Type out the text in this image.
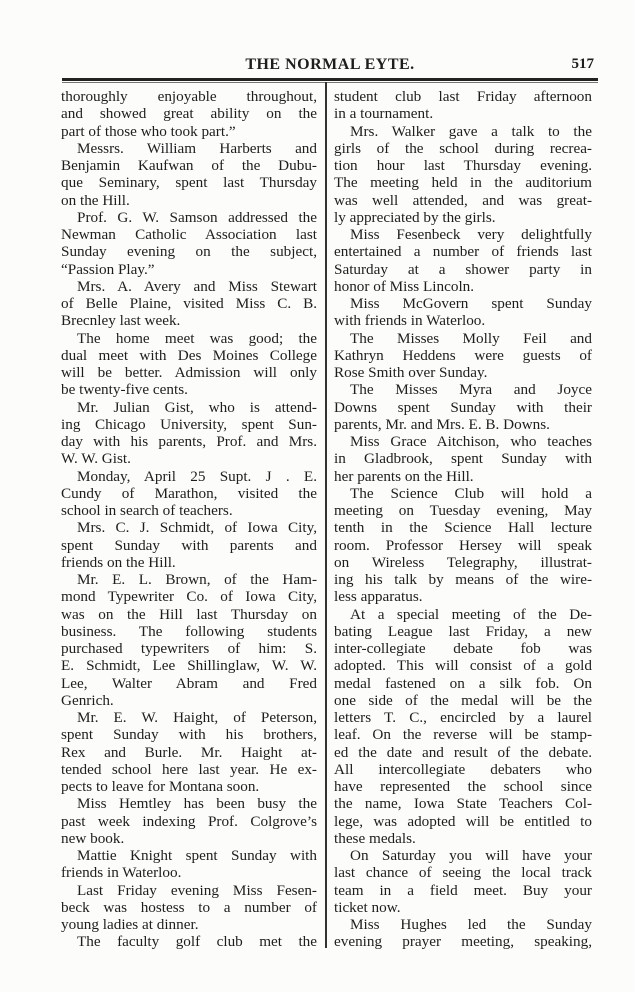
THE NORMAL EYTE.	517
thoroughly enjoyable throughout,
and showed great ability on the
part of those who took part.”
Messrs. William Harberts and
Benjamin Kaufwan of the Dubu-
que Seminary, spent last Thursday
on the Hill.
Prof. G. W. Samson addressed the
Newman Catholic Association last
Sunday evening on the subject,
“Passion Play.”
Mrs. A. Avery and Miss Stewart
of Belle Plaine, visited Miss C. B.
Brecnley last week.
The home meet was good; the
dual meet with Des Moines College
will be better. Admission will only
be twenty-five cents.
Mr. Julian Gist, who is attend-
ing Chicago University, spent Sun-
day with his parents, Prof. and Mrs.
W. W. Gist.
Monday, April 25 Supt. J . E.
Cundy of Marathon, visited the
school in search of teachers.
Mrs. C. J. Schmidt, of Iowa City,
spent Sunday with parents and
friends on the Hill.
Mr. E. L. Brown, of the Ham-
mond Typewriter Co. of Iowa City,
was on the Hill last Thursday on
business. The following students
purchased typewriters of him: S.
E. Schmidt, Lee Shillinglaw, W. W.
Lee, Walter Abram and Fred
Genrich.
Mr. E. W. Haight, of Peterson,
spent Sunday with his brothers,
Rex and Burle. Mr. Haight at-
tended school here last year. He ex-
pects to leave for Montana soon.
Miss Hemtley has been busy the
past week indexing Prof. Colgrove’s
new book.
Mattie Knight spent Sunday with
friends in Waterloo.
Last Friday evening Miss Fesen-
beck was hostess to a number of
young ladies at dinner.
The faculty golf club met the
student club last Friday afternoon
in a tournament.
Mrs. Walker gave a talk to the
girls of the school during recrea-
tion hour last Thursday evening.
The meeting held in the auditorium
was well attended, and was great-
ly appreciated by the girls.
Miss Fesenbeck very delightfully
entertained a number of friends last
Saturday at a shower party in
honor of Miss Lincoln.
Miss McGovern spent Sunday
with friends in Waterloo.
The Misses Molly Feil and
Kathryn Heddens were guests of
Rose Smith over Sunday.
The Misses Myra and Joyce
Downs spent Sunday with their
parents, Mr. and Mrs. E. B. Downs.
Miss Grace Aitchison, who teaches
in Gladbrook, spent Sunday with
her parents on the Hill.
The Science Club will hold a
meeting on Tuesday evening, May
tenth in the Science Hall lecture
room. Professor Hersey will speak
on Wireless Telegraphy, illustrat-
ing his talk by means of the wire-
less apparatus.
At a special meeting of the De-
bating League last Friday, a new
inter-collegiate debate fob was
adopted. This will consist of a gold
medal fastened on a silk fob. On
one side of the medal will be the
letters T. C., encircled by a laurel
leaf. On the reverse will be stamp-
ed the date and result of the debate.
All intercollegiate debaters who
have represented the school since
the name, Iowa State Teachers Col-
lege, was adopted will be entitled to
these medals.
On Saturday you will have your
last chance of seeing the local track
team in a field meet. Buy your
ticket now.
Miss Hughes led the Sunday
evening prayer meeting, speaking,
